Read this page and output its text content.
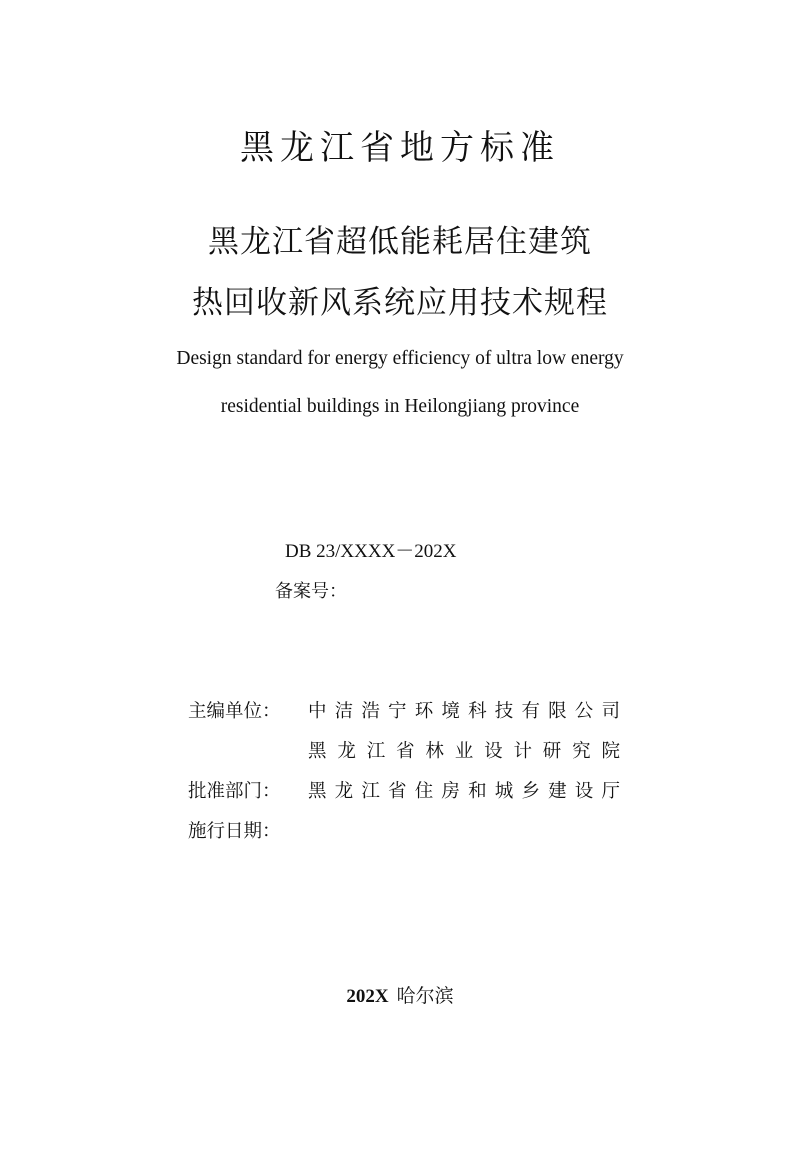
黑龙江省地方标准
黑龙江省超低能耗居住建筑
热回收新风系统应用技术规程
Design standard for energy efficiency of ultra low energy
residential buildings in Heilongjiang province
DB 23/XXXX－202X
备案号：
主编单位： 中洁浩宁环境科技有限公司
黑龙江省林业设计研究院
批准部门： 黑龙江省住房和城乡建设厅
施行日期：
202X 哈尔滨
